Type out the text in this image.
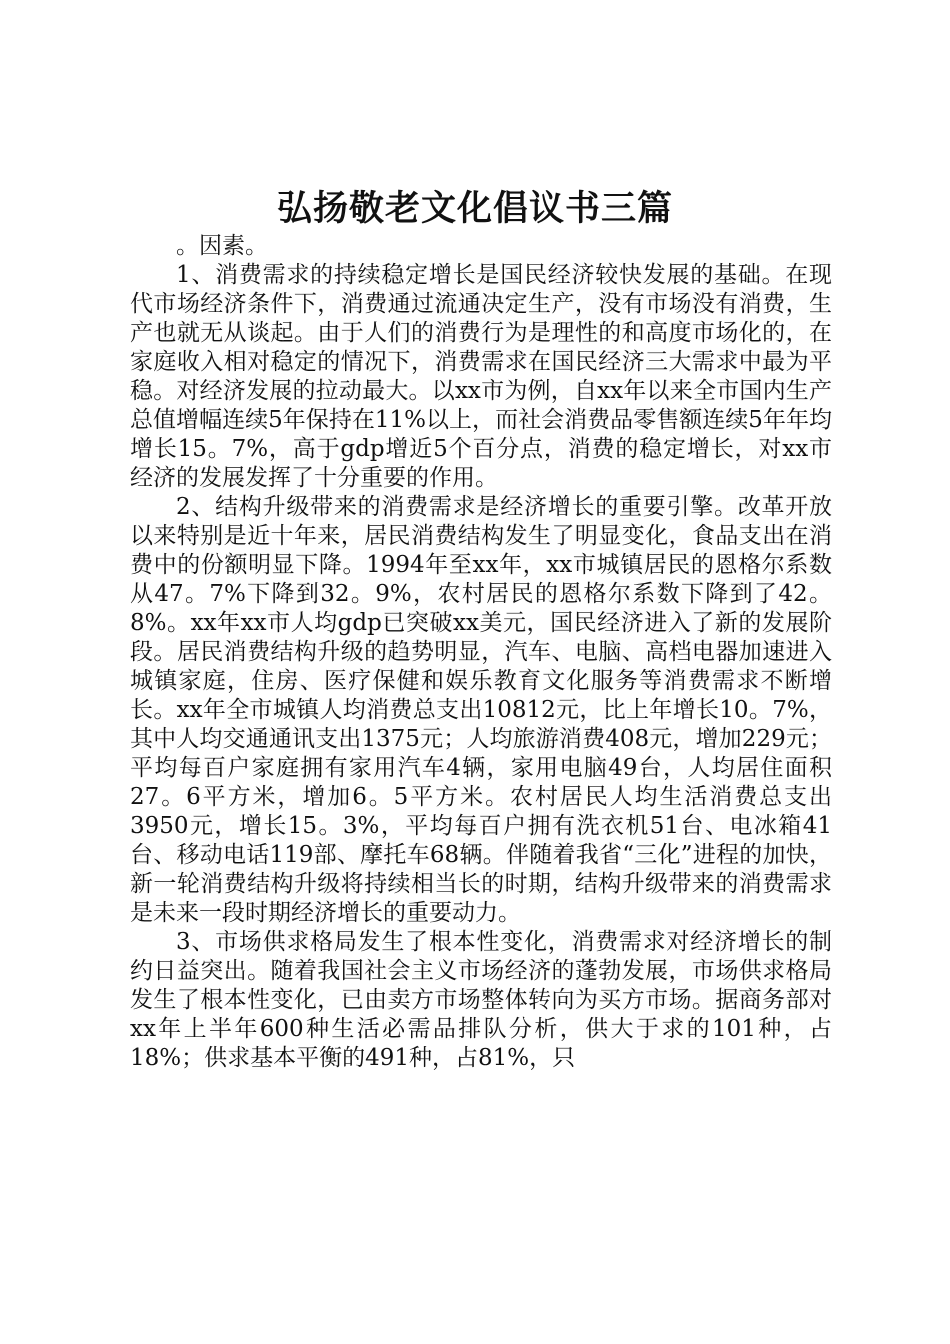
弘扬敬老文化倡议书三篇

。因素。

1、消费需求的持续稳定增长是国民经济较快发展的基础。在现代市场经济条件下，消费通过流通决定生产，没有市场没有消费，生产也就无从谈起。由于人们的消费行为是理性的和高度市场化的，在家庭收入相对稳定的情况下，消费需求在国民经济三大需求中最为平稳。对经济发展的拉动最大。以xx市为例，自xx年以来全市国内生产总值增幅连续5年保持在11%以上，而社会消费品零售额连续5年年均增长15。7%，高于gdp增近5个百分点，消费的稳定增长，对xx市经济的发展发挥了十分重要的作用。

2、结构升级带来的消费需求是经济增长的重要引擎。改革开放以来特别是近十年来，居民消费结构发生了明显变化，食品支出在消费中的份额明显下降。1994年至xx年，xx市城镇居民的恩格尔系数从47。7%下降到32。9%，农村居民的恩格尔系数下降到了42。8%。xx年xx市人均gdp已突破xx美元，国民经济进入了新的发展阶段。居民消费结构升级的趋势明显，汽车、电脑、高档电器加速进入城镇家庭，住房、医疗保健和娱乐教育文化服务等消费需求不断增长。xx年全市城镇人均消费总支出10812元，比上年增长10。7%，其中人均交通通讯支出1375元；人均旅游消费408元，增加229元；平均每百户家庭拥有家用汽车4辆，家用电脑49台，人均居住面积27。6平方米，增加6。5平方米。农村居民人均生活消费总支出3950元，增长15。3%，平均每百户拥有洗衣机51台、电冰箱41台、移动电话119部、摩托车68辆。伴随着我省“三化”进程的加快，新一轮消费结构升级将持续相当长的时期，结构升级带来的消费需求是未来一段时期经济增长的重要动力。

3、市场供求格局发生了根本性变化，消费需求对经济增长的制约日益突出。随着我国社会主义市场经济的蓬勃发展，市场供求格局发生了根本性变化，已由卖方市场整体转向为买方市场。据商务部对xx年上半年600种生活必需品排队分析，供大于求的101种，占18%；供求基本平衡的491种，占81%，只
